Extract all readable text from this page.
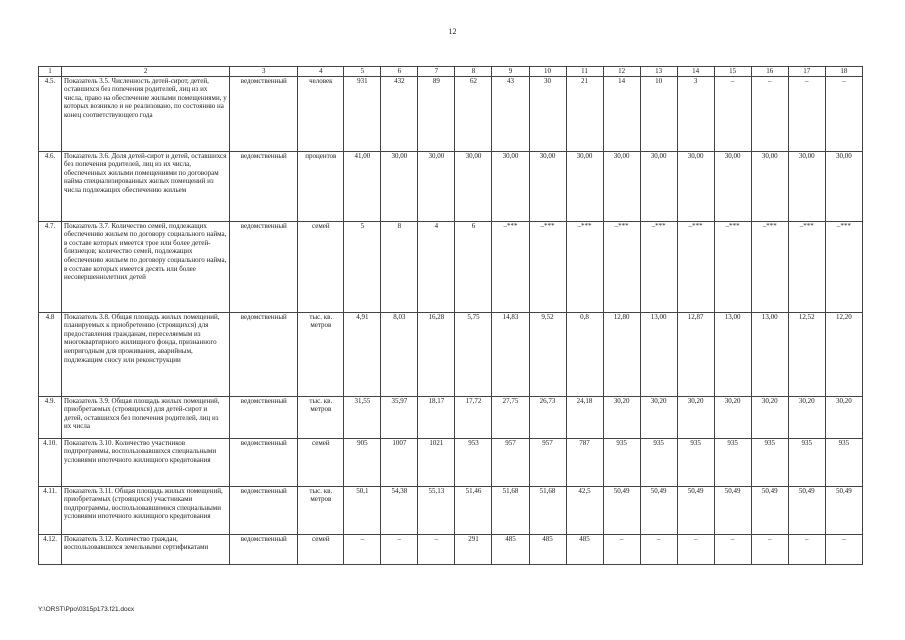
12
1	2	3	4	5	6	7	8	9	10	11	12	13	14	15	16	17	18
4.5.	Показатель 3.5. Численность детей-сирот, детей, оставшихся без попечения родителей, лиц из их числа, право на обеспечение жилыми помещениями, у которых возникло и не реализовано, по состоянию на конец соответствующего года	ведомственный	человек	931	432	89	62	43	30	21	14	10	3	–	–	–	–
4.6.	Показатель 3.6. Доля детей-сирот и детей, оставшихся без попечения родителей, лиц из их числа, обеспеченных жилыми помещениями по договорам найма специализированных жилых помещений из числа подлежащих обеспечению жильем	ведомственный	процентов	41,00	30,00	30,00	30,00	30,00	30,00	30,00	30,00	30,00	30,00	30,00	30,00	30,00	30,00
4.7.	Показатель 3.7. Количество семей, подлежащих обеспечению жильем по договору социального найма, в составе которых имеется трое или более детей-близнецов; количество семей, подлежащих обеспечению жильем по договору социального найма, в составе которых имеется десять или более несовершеннолетних детей	ведомственный	семей	5	8	4	6	–***	–***	–***	–***	–***	–***	–***	–***	–***	–***
4.8	Показатель 3.8. Общая площадь жилых помещений, планируемых к приобретению (строящихся) для предоставления гражданам, переселяемым из многоквартирного жилищного фонда, признанного непригодным для проживания, аварийным, подлежащим сносу или реконструкции	ведомственный	тыс. кв. метров	4,91	8,03	16,28	5,75	14,83	9,52	0,8	12,80	13,00	12,87	13,00	13,00	12,52	12,20
4.9.	Показатель 3.9. Общая площадь жилых помещений, приобретаемых (строящихся) для детей-сирот и детей, оставшихся без попечения родителей, лиц из их числа	ведомственный	тыс. кв. метров	31,55	35,97	18,17	17,72	27,75	26,73	24,18	30,20	30,20	30,20	30,20	30,20	30,20	30,20
4.10.	Показатель 3.10. Количество участников подпрограммы, воспользовавшихся специальными условиями ипотечного жилищного кредитования	ведомственный	семей	905	1007	1021	953	957	957	787	935	935	935	935	935	935	935
4.11.	Показатель 3.11. Общая площадь жилых помещений, приобретаемых (строящихся) участниками подпрограммы, воспользовавшимися специальными условиями ипотечного жилищного кредитования	ведомственный	тыс. кв. метров	50,1	54,38	55,13	51,46	51,68	51,68	42,5	50,49	50,49	50,49	50,49	50,49	50,49	50,49
4.12.	Показатель 3.12. Количество граждан, воспользовавшихся земельными сертификатами	ведомственный	семей	–	–	–	291	485	485	485	–	–	–	–	–	–	–
Y:\ORST\Ppo\0315p173.f21.docx
